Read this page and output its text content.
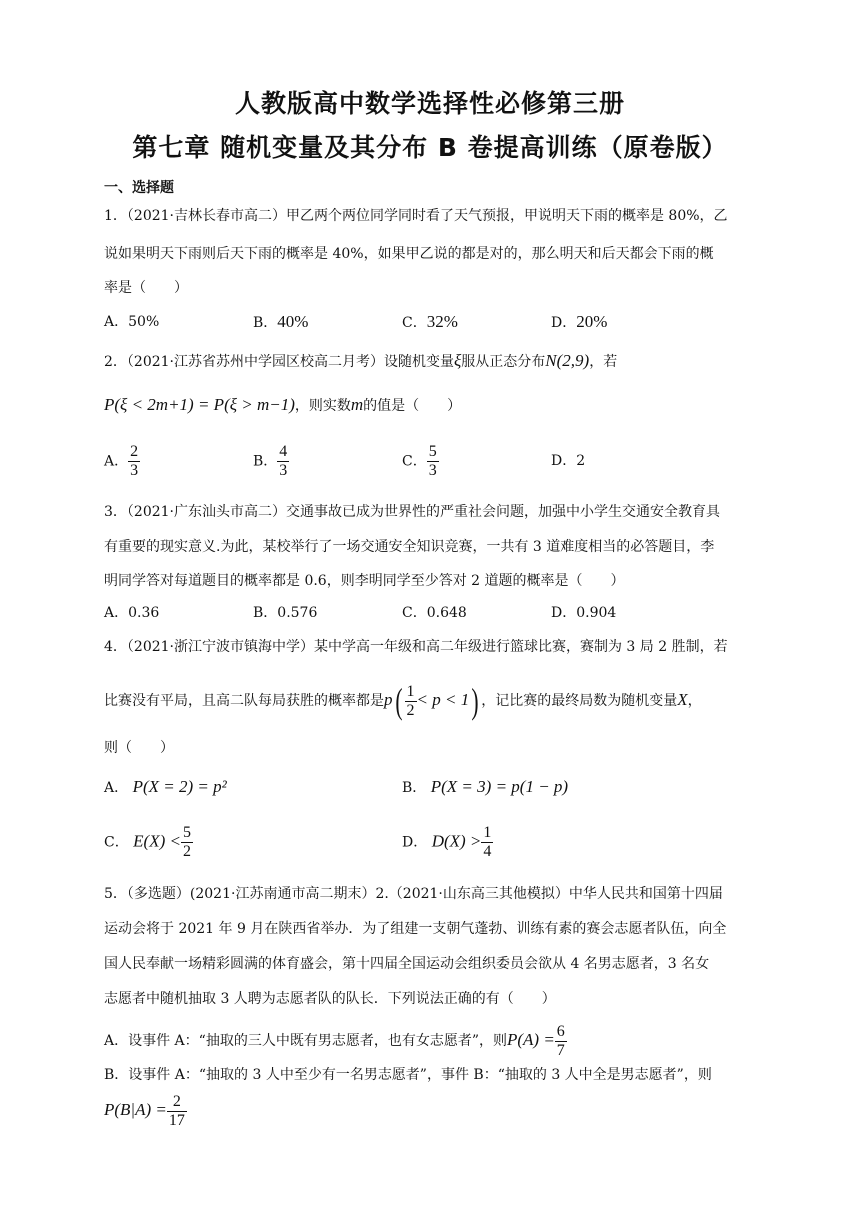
人教版高中数学选择性必修第三册
第七章 随机变量及其分布 B 卷提高训练（原卷版）
一、选择题
1．（2021·吉林长春市高二）甲乙两个两位同学同时看了天气预报，甲说明天下雨的概率是 80%，乙
说如果明天下雨则后天下雨的概率是 40%，如果甲乙说的都是对的，那么明天和后天都会下雨的概
率是（　　）
A．50%	B．40%	C．32%	D．20%
2．（2021·江苏省苏州中学园区校高二月考）设随机变量ξ服从正态分布N(2,9)，若
P(ξ < 2m+1) = P(ξ > m−1)，则实数m的值是（　　）
A． $\frac{2}{3}$	B． $\frac{4}{3}$	C． $\frac{5}{3}$	D．2
3．（2021·广东汕头市高二）交通事故已成为世界性的严重社会问题，加强中小学生交通安全教育具
有重要的现实意义.为此，某校举行了一场交通安全知识竞赛，一共有 3 道难度相当的必答题目，李
明同学答对每道题目的概率都是 0.6，则李明同学至少答对 2 道题的概率是（　　）
A．0.36	B．0.576	C．0.648	D．0.904
4．（2021·浙江宁波市镇海中学）某中学高一年级和高二年级进行篮球比赛，赛制为 3 局 2 胜制，若
比赛没有平局，且高二队每局获胜的概率都是$p( \frac{1}{2} < p < 1)$ ，记比赛的最终局数为随机变量X，
则（　　）
A． P(X = 2) = p²	B． P(X = 3) = p(1 − p)
C． $E(X) < \frac{5}{2}$	D． $D(X) > \frac{1}{4}$
5．（多选题）(2021·江苏南通市高二期末）2.（2021·山东高三其他模拟）中华人民共和国第十四届
运动会将于 2021 年 9 月在陕西省举办．为了组建一支朝气蓬勃、训练有素的赛会志愿者队伍，向全
国人民奉献一场精彩圆满的体育盛会，第十四届全国运动会组织委员会欲从 4 名男志愿者，3 名女
志愿者中随机抽取 3 人聘为志愿者队的队长．下列说法正确的有（　　）
A．设事件 A：“抽取的三人中既有男志愿者，也有女志愿者”，则$P(A) = \frac{6}{7}$
B．设事件 A：“抽取的 3 人中至少有一名男志愿者”，事件 B：“抽取的 3 人中全是男志愿者”，则
$P(B|A) = \frac{2}{17}$
